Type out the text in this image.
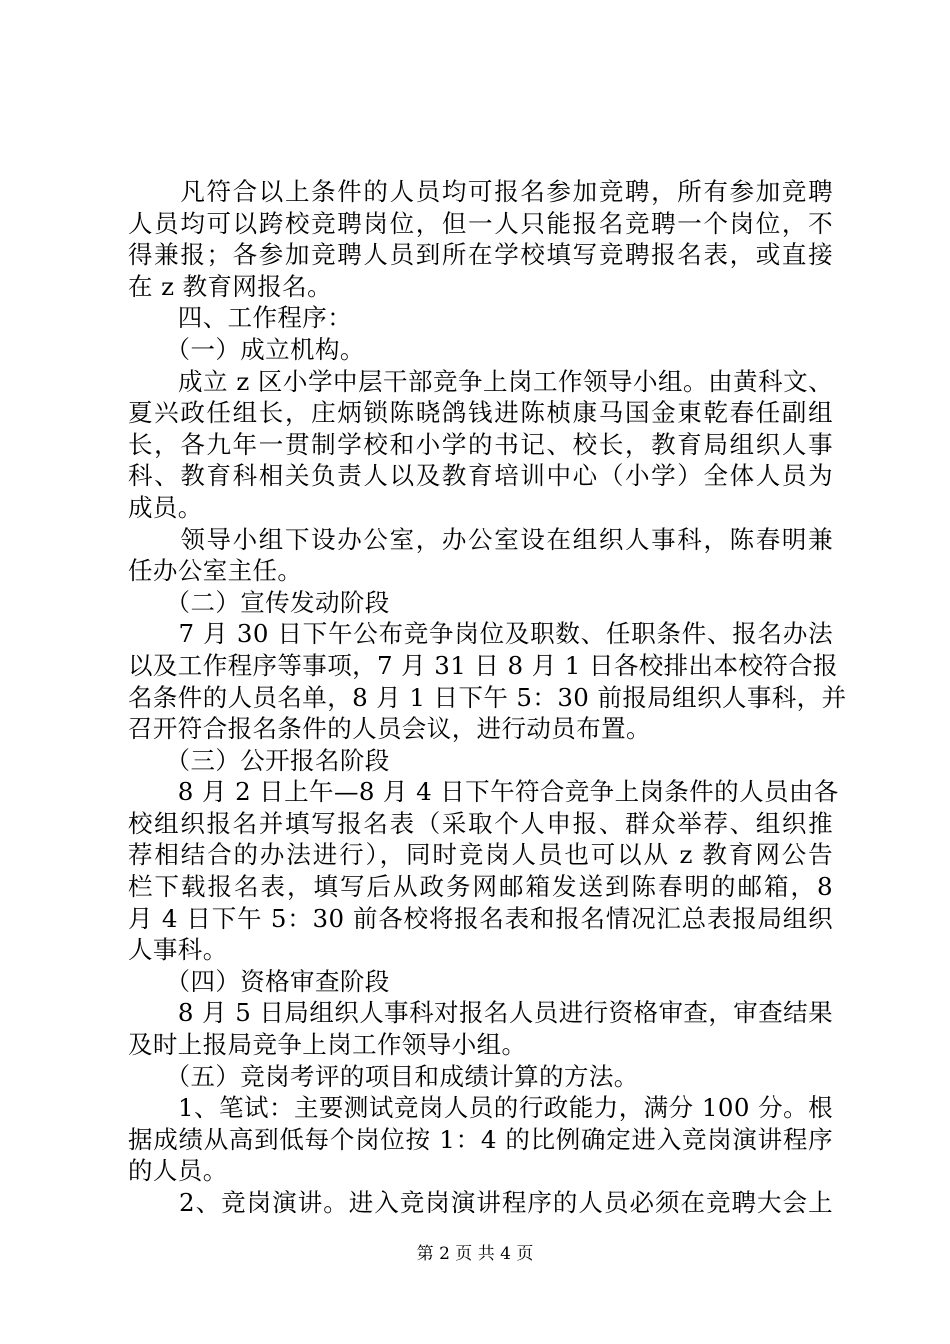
　　凡符合以上条件的人员均可报名参加竞聘，所有参加竞聘
人员均可以跨校竞聘岗位，但一人只能报名竞聘一个岗位，不
得兼报；各参加竞聘人员到所在学校填写竞聘报名表，或直接
在 z 教育网报名。
　　四、工作程序：
　　（一）成立机构。
　　成立 z 区小学中层干部竞争上岗工作领导小组。由黄科文、
夏兴政任组长，庄炳锁陈晓鸽钱进陈桢康马国金東乾春任副组
长，各九年一贯制学校和小学的书记、校长，教育局组织人事
科、教育科相关负责人以及教育培训中心（小学）全体人员为
成员。
　　领导小组下设办公室，办公室设在组织人事科，陈春明兼
任办公室主任。
　　（二）宣传发动阶段
　　7 月 30 日下午公布竞争岗位及职数、任职条件、报名办法
以及工作程序等事项，7 月 31 日 8 月 1 日各校排出本校符合报
名条件的人员名单，8 月 1 日下午 5：30 前报局组织人事科，并
召开符合报名条件的人员会议，进行动员布置。
　　（三）公开报名阶段
　　8 月 2 日上午—8 月 4 日下午符合竞争上岗条件的人员由各
校组织报名并填写报名表（采取个人申报、群众举荐、组织推
荐相结合的办法进行），同时竞岗人员也可以从 z 教育网公告
栏下载报名表，填写后从政务网邮箱发送到陈春明的邮箱，8
月 4 日下午 5：30 前各校将报名表和报名情况汇总表报局组织
人事科。
　　（四）资格审查阶段
　　8 月 5 日局组织人事科对报名人员进行资格审查，审查结果
及时上报局竞争上岗工作领导小组。
　　（五）竞岗考评的项目和成绩计算的方法。
　　1、笔试：主要测试竞岗人员的行政能力，满分 100 分。根
据成绩从高到低每个岗位按 1：4 的比例确定进入竞岗演讲程序
的人员。
　　2、竞岗演讲。进入竞岗演讲程序的人员必须在竞聘大会上
第 2 页 共 4 页
